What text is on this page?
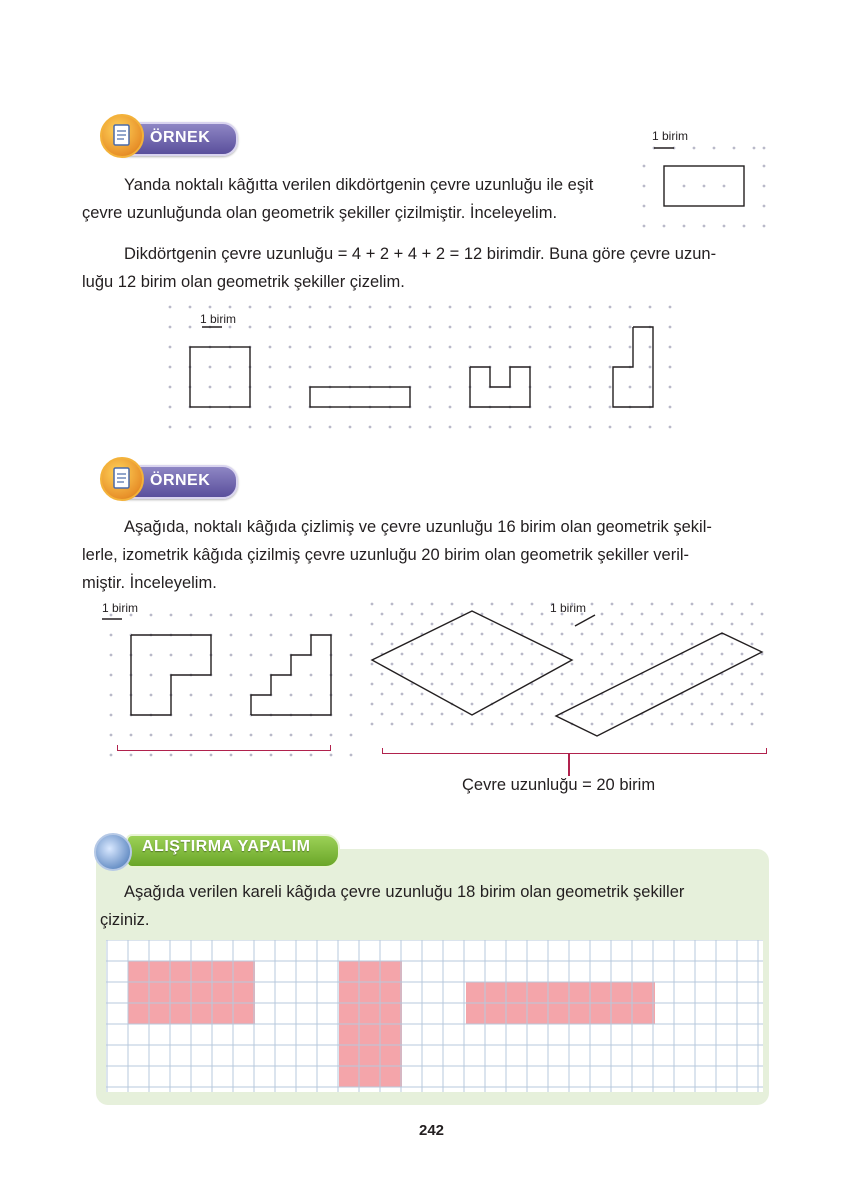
ÖRNEK
Yanda noktalı kâğıtta verilen dikdörtgenin çevre uzunluğu ile eşit
çevre uzunluğunda olan geometrik şekiller çizilmiştir. İnceleyelim.
1 birim
Dikdörtgenin çevre uzunluğu = 4 + 2 + 4 + 2 = 12 birimdir. Buna göre çevre uzun-
luğu 12 birim olan geometrik şekiller çizelim.
1 birim
ÖRNEK
Aşağıda, noktalı kâğıda çizlimiş ve çevre uzunluğu 16 birim olan geometrik şekil-
lerle, izometrik kâğıda çizilmiş çevre uzunluğu 20 birim olan geometrik şekiller veril-
miştir. İnceleyelim.
1 birim	1 birim
Çevre uzunluğu = 20 birim
ALIŞTIRMA YAPALIM
Aşağıda verilen kareli kâğıda çevre uzunluğu 18 birim olan geometrik şekiller
çiziniz.
242
